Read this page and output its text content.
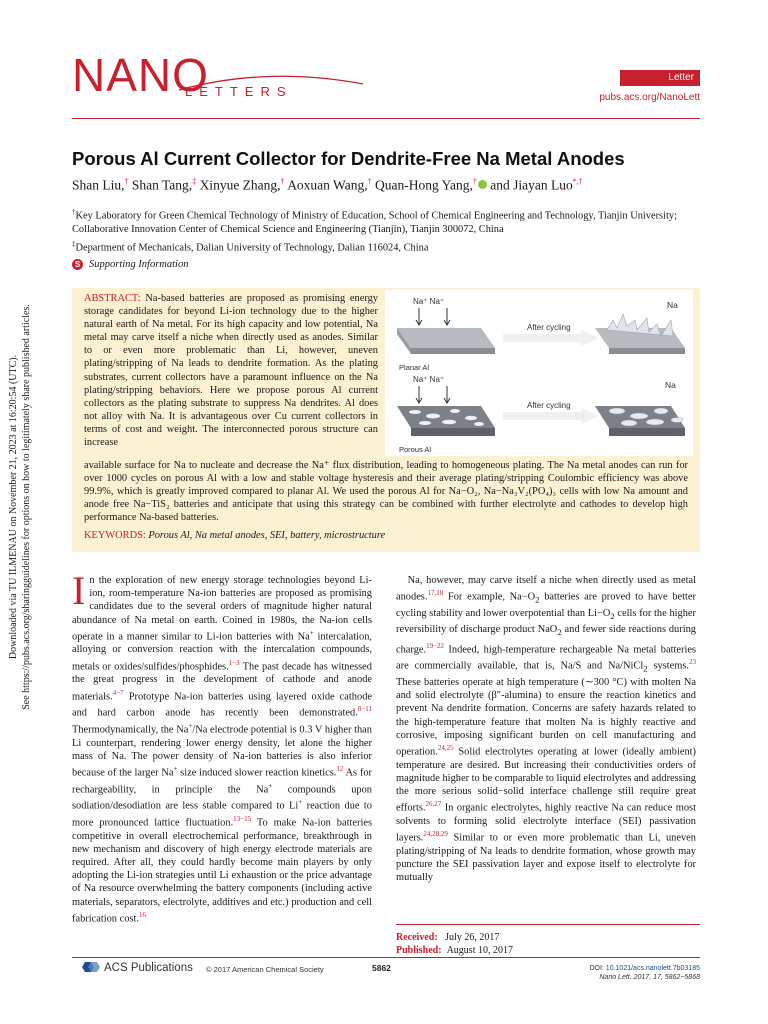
Downloaded via TU ILMENAU on November 21, 2023 at 16:20:54 (UTC). See https://pubs.acs.org/sharingguidelines for options on how to legitimately share published articles.
NANO
LETTERS
Letter
pubs.acs.org/NanoLett
Porous Al Current Collector for Dendrite-Free Na Metal Anodes
Shan Liu,† Shan Tang,‡ Xinyue Zhang,† Aoxuan Wang,† Quan-Hong Yang,† and Jiayan Luo*,†
†Key Laboratory for Green Chemical Technology of Ministry of Education, School of Chemical Engineering and Technology, Tianjin University; Collaborative Innovation Center of Chemical Science and Engineering (Tianjin), Tianjin 300072, China
‡Department of Mechanicals, Dalian University of Technology, Dalian 116024, China
S Supporting Information
ABSTRACT: Na-based batteries are proposed as promising energy storage candidates for beyond Li-ion technology due to the higher natural earth of Na metal. For its high capacity and low potential, Na metal may carve itself a niche when directly used as anodes. Similar to or even more problematic than Li, however, uneven plating/stripping of Na leads to dendrite formation. As the plating substrates, current collectors have a paramount influence on the Na plating/stripping behaviors. Here we propose porous Al current collectors as the plating substrate to suppress Na dendrites. Al does not alloy with Na. It is advantageous over Cu current collectors in terms of cost and weight. The interconnected porous structure can increase
Na⁺ Na⁺
After cycling
Na
Planar Al
Na⁺ Na⁺
After cycling
Na
Porous Al
available surface for Na to nucleate and decrease the Na⁺ flux distribution, leading to homogeneous plating. The Na metal anodes can run for over 1000 cycles on porous Al with a low and stable voltage hysteresis and their average plating/stripping Coulombic efficiency was above 99.9%, which is greatly improved compared to planar Al. We used the porous Al for Na−O₂, Na−Na₃V₂(PO₄)₃ cells with low Na amount and anode free Na−TiS₂ batteries and anticipate that using this strategy can be combined with further electrolyte and cathodes to develop high performance Na-based batteries.
KEYWORDS: Porous Al, Na metal anodes, SEI, battery, microstructure
In the exploration of new energy storage technologies beyond Li-ion, room-temperature Na-ion batteries are proposed as promising candidates due to the several orders of magnitude higher natural abundance of Na metal on earth. Coined in 1980s, the Na-ion cells operate in a manner similar to Li-ion batteries with Na+ intercalation, alloying or conversion reaction with the intercalation compounds, metals or oxides/sulfides/phosphides.$^{1-3}$ The past decade has witnessed the great progress in the development of cathode and anode materials.$^{4-7}$ Prototype Na-ion batteries using layered oxide cathode and hard carbon anode has recently been demonstrated.$^{8-11}$ Thermodynamically, the Na+/Na electrode potential is 0.3 V higher than Li counterpart, rendering lower energy density, let alone the higher mass of Na. The power density of Na-ion batteries is also inferior because of the larger Na+ size induced slower reaction kinetics.$^{12}$ As for rechargeability, in principle the Na+ compounds upon sodiation/desodiation are less stable compared to Li+ reaction due to more pronounced lattice fluctuation.$^{13-15}$ To make Na-ion batteries competitive in overall electrochemical performance, breakthrough in new mechanism and discovery of high energy electrode materials are required. After all, they could hardly become main players by only adopting the Li-ion strategies until Li exhaustion or the price advantage of Na resource overwhelming the battery components (including active materials, separators, electrolyte, additives and etc.) production and cell fabrication cost.$^{16}$
Na, however, may carve itself a niche when directly used as metal anodes.$^{17,18}$ For example, $Na-O_2$ batteries are proved to have better cycling stability and lower overpotential than $Li-O_2$ cells for the higher reversibility of discharge product NaO$_2$ and fewer side reactions during charge.$^{19-22}$ Indeed, high-temperature rechargeable Na metal batteries are commercially available, that is, Na/S and Na/NiCl$_2$ systems.$^{23}$ These batteries operate at high temperature (∼300 °C) with molten Na and solid electrolyte (β″-alumina) to ensure the reaction kinetics and prevent Na dendrite formation. Concerns are safety hazards related to the high-temperature feature that molten Na is highly reactive and corrosive, imposing significant burden on cell manufacturing and operation.$^{24,25}$ Solid electrolytes operating at lower (ideally ambient) temperature are desired. But increasing their conductivities orders of magnitude higher to be comparable to liquid electrolytes and addressing the more serious solid−solid interface challenge still require great efforts.$^{26,27}$ In organic electrolytes, highly reactive Na can reduce most solvents to forming solid electrolyte interface (SEI) passivation layers.$^{24,28,29}$ Similar to or even more problematic than Li, uneven plating/stripping of Na leads to dendrite formation, whose growth may puncture the SEI passivation layer and expose itself to electrolyte for mutually
Received: July 26, 2017
Published: August 10, 2017
ACS Publications © 2017 American Chemical Society	5862	DOI: 10.1021/acs.nanolett.7b03185
Nano Lett. 2017, 17, 5862−5868
